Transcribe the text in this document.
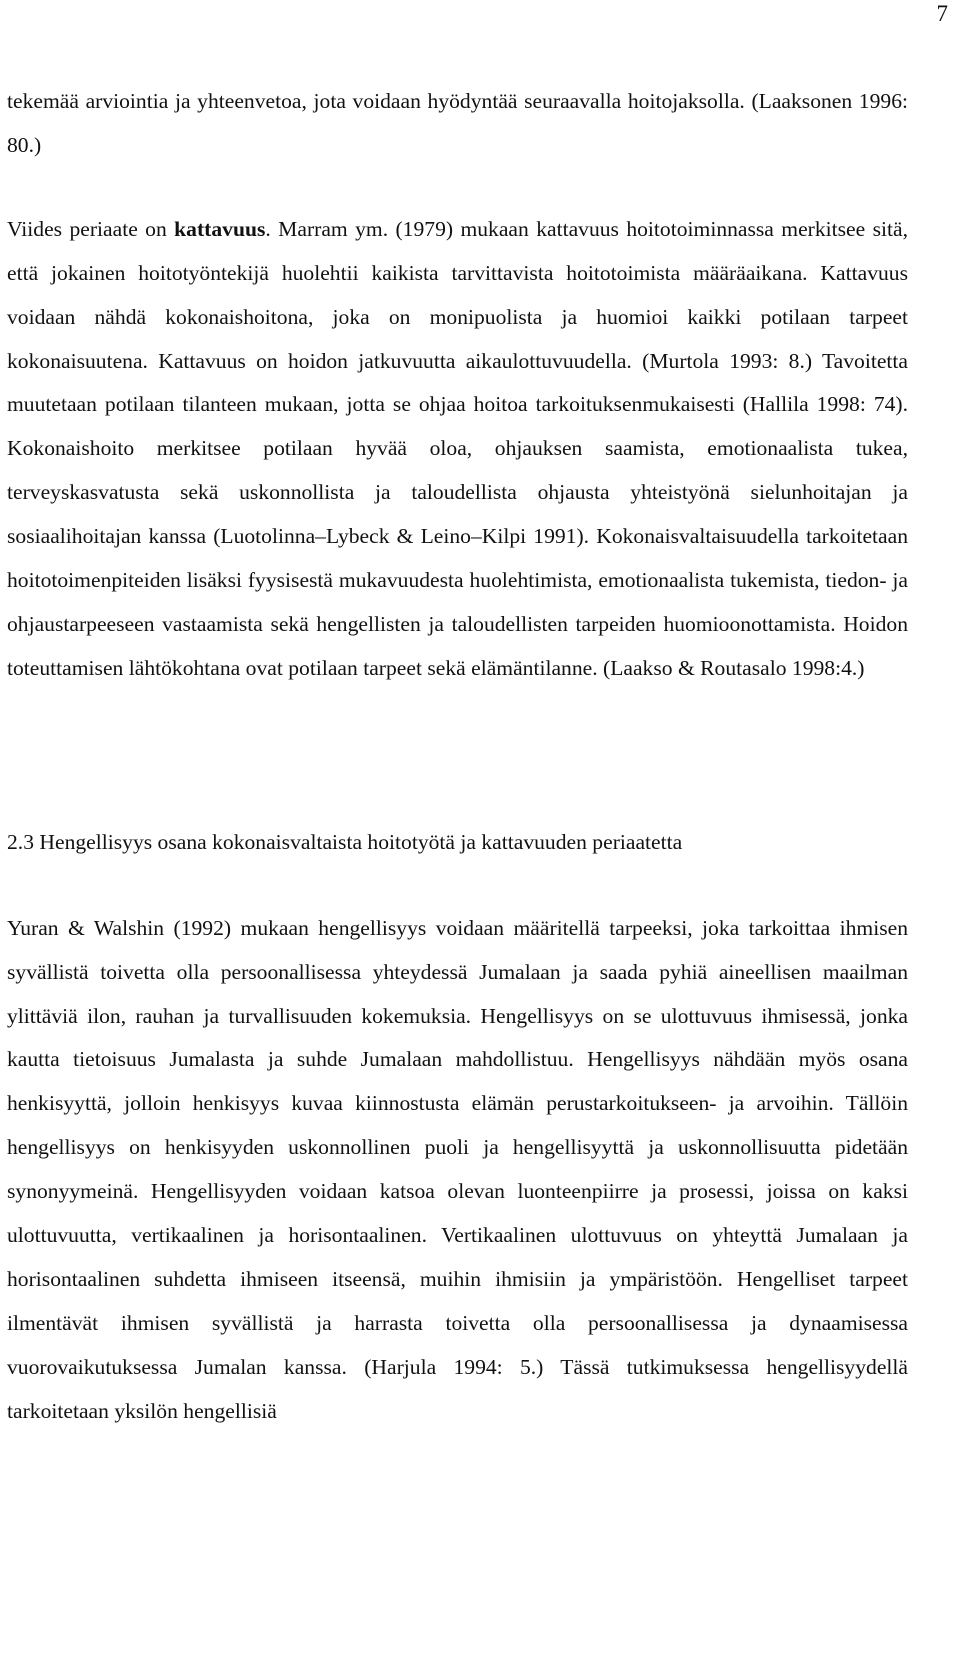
7

tekemää arviointia ja yhteenvetoa, jota voidaan hyödyntää seuraavalla hoitojaksolla. (Laaksonen 1996: 80.)

Viides periaate on kattavuus. Marram ym. (1979) mukaan kattavuus hoitotoiminnassa merkitsee sitä, että jokainen hoitotyöntekijä huolehtii kaikista tarvittavista hoitotoimista määräaikana. Kattavuus voidaan nähdä kokonaishoitona, joka on monipuolista ja huomioi kaikki potilaan tarpeet kokonaisuutena. Kattavuus on hoidon jatkuvuutta aikaulottuvuudella. (Murtola 1993: 8.) Tavoitetta muutetaan potilaan tilanteen mukaan, jotta se ohjaa hoitoa tarkoituksenmukaisesti (Hallila 1998: 74). Kokonaishoito merkitsee potilaan hyvää oloa, ohjauksen saamista, emotionaalista tukea, terveyskasvatusta sekä uskonnollista ja taloudellista ohjausta yhteistyönä sielunhoitajan ja sosiaalihoitajan kanssa (Luotolinna–Lybeck & Leino–Kilpi 1991). Kokonaisvaltaisuudella tarkoitetaan hoitotoimenpiteiden lisäksi fyysisestä mukavuudesta huolehtimista, emotionaalista tukemista, tiedon- ja ohjaustarpeeseen vastaamista sekä hengellisten ja taloudellisten tarpeiden huomioonottamista. Hoidon toteuttamisen lähtökohtana ovat potilaan tarpeet sekä elämäntilanne. (Laakso & Routasalo 1998:4.)

2.3 Hengellisyys osana kokonaisvaltaista hoitotyötä ja kattavuuden periaatetta

Yuran & Walshin (1992) mukaan hengellisyys voidaan määritellä tarpeeksi, joka tarkoittaa ihmisen syvällistä toivetta olla persoonallisessa yhteydessä Jumalaan ja saada pyhiä aineellisen maailman ylittäviä ilon, rauhan ja turvallisuuden kokemuksia. Hengellisyys on se ulottuvuus ihmisessä, jonka kautta tietoisuus Jumalasta ja suhde Jumalaan mahdollistuu. Hengellisyys nähdään myös osana henkisyyttä, jolloin henkisyys kuvaa kiinnostusta elämän perustarkoitukseen- ja arvoihin. Tällöin hengellisyys on henkisyyden uskonnollinen puoli ja hengellisyyttä ja uskonnollisuutta pidetään synonyymeinä. Hengellisyyden voidaan katsoa olevan luonteenpiirre ja prosessi, joissa on kaksi ulottuvuutta, vertikaalinen ja horisontaalinen. Vertikaalinen ulottuvuus on yhteyttä Jumalaan ja horisontaalinen suhdetta ihmiseen itseensä, muihin ihmisiin ja ympäristöön. Hengelliset tarpeet ilmentävät ihmisen syvällistä ja harrasta toivetta olla persoonallisessa ja dynaamisessa vuorovaikutuksessa Jumalan kanssa. (Harjula 1994: 5.) Tässä tutkimuksessa hengellisyydellä tarkoitetaan yksilön hengellisiä
